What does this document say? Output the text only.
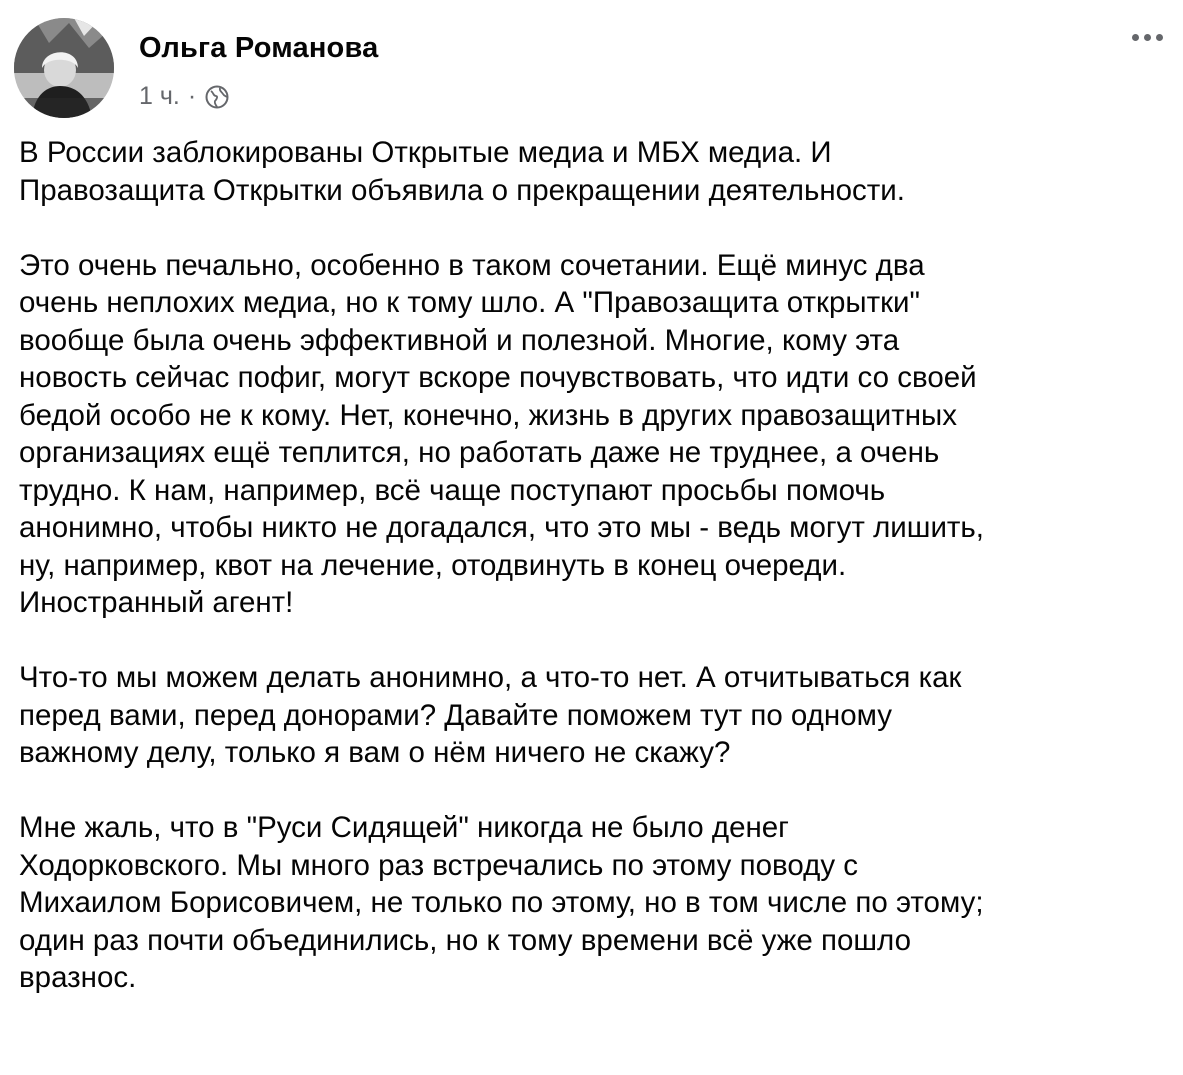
Ольга Романова
1 ч. ·

В России заблокированы Открытые медиа и МБХ медиа. И
Правозащита Открытки объявила о прекращении деятельности.

Это очень печально, особенно в таком сочетании. Ещё минус два
очень неплохих медиа, но к тому шло. А "Правозащита открытки"
вообще была очень эффективной и полезной. Многие, кому эта
новость сейчас пофиг, могут вскоре почувствовать, что идти со своей
бедой особо не к кому. Нет, конечно, жизнь в других правозащитных
организациях ещё теплится, но работать даже не труднее, а очень
трудно. К нам, например, всё чаще поступают просьбы помочь
анонимно, чтобы никто не догадался, что это мы - ведь могут лишить,
ну, например, квот на лечение, отодвинуть в конец очереди.
Иностранный агент!

Что-то мы можем делать анонимно, а что-то нет. А отчитываться как
перед вами, перед донорами? Давайте поможем тут по одному
важному делу, только я вам о нём ничего не скажу?

Мне жаль, что в "Руси Сидящей" никогда не было денег
Ходорковского. Мы много раз встречались по этому поводу с
Михаилом Борисовичем, не только по этому, но в том числе по этому;
один раз почти объединились, но к тому времени всё уже пошло
вразнос.
